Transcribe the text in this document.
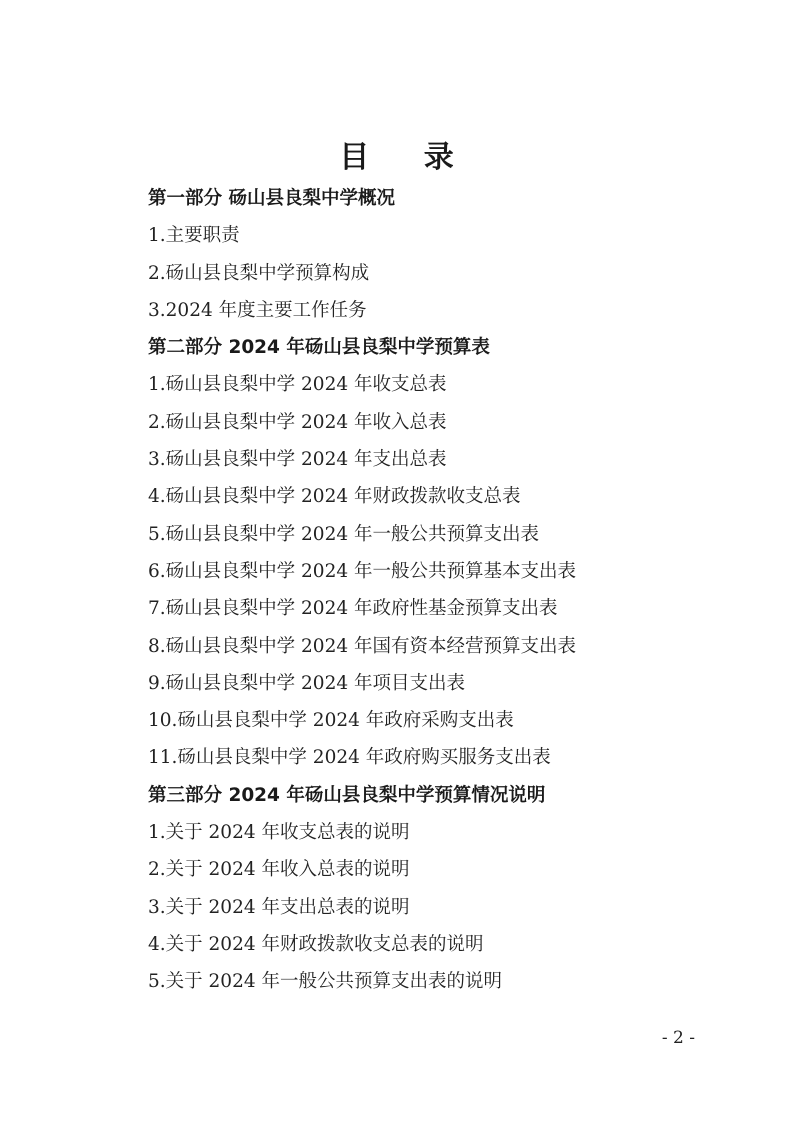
目 录
第一部分 砀山县良梨中学概况
1.主要职责
2.砀山县良梨中学预算构成
3.2024 年度主要工作任务
第二部分 2024 年砀山县良梨中学预算表
1.砀山县良梨中学 2024 年收支总表
2.砀山县良梨中学 2024 年收入总表
3.砀山县良梨中学 2024 年支出总表
4.砀山县良梨中学 2024 年财政拨款收支总表
5.砀山县良梨中学 2024 年一般公共预算支出表
6.砀山县良梨中学 2024 年一般公共预算基本支出表
7.砀山县良梨中学 2024 年政府性基金预算支出表
8.砀山县良梨中学 2024 年国有资本经营预算支出表
9.砀山县良梨中学 2024 年项目支出表
10.砀山县良梨中学 2024 年政府采购支出表
11.砀山县良梨中学 2024 年政府购买服务支出表
第三部分 2024 年砀山县良梨中学预算情况说明
1.关于 2024 年收支总表的说明
2.关于 2024 年收入总表的说明
3.关于 2024 年支出总表的说明
4.关于 2024 年财政拨款收支总表的说明
5.关于 2024 年一般公共预算支出表的说明
- 2 -
